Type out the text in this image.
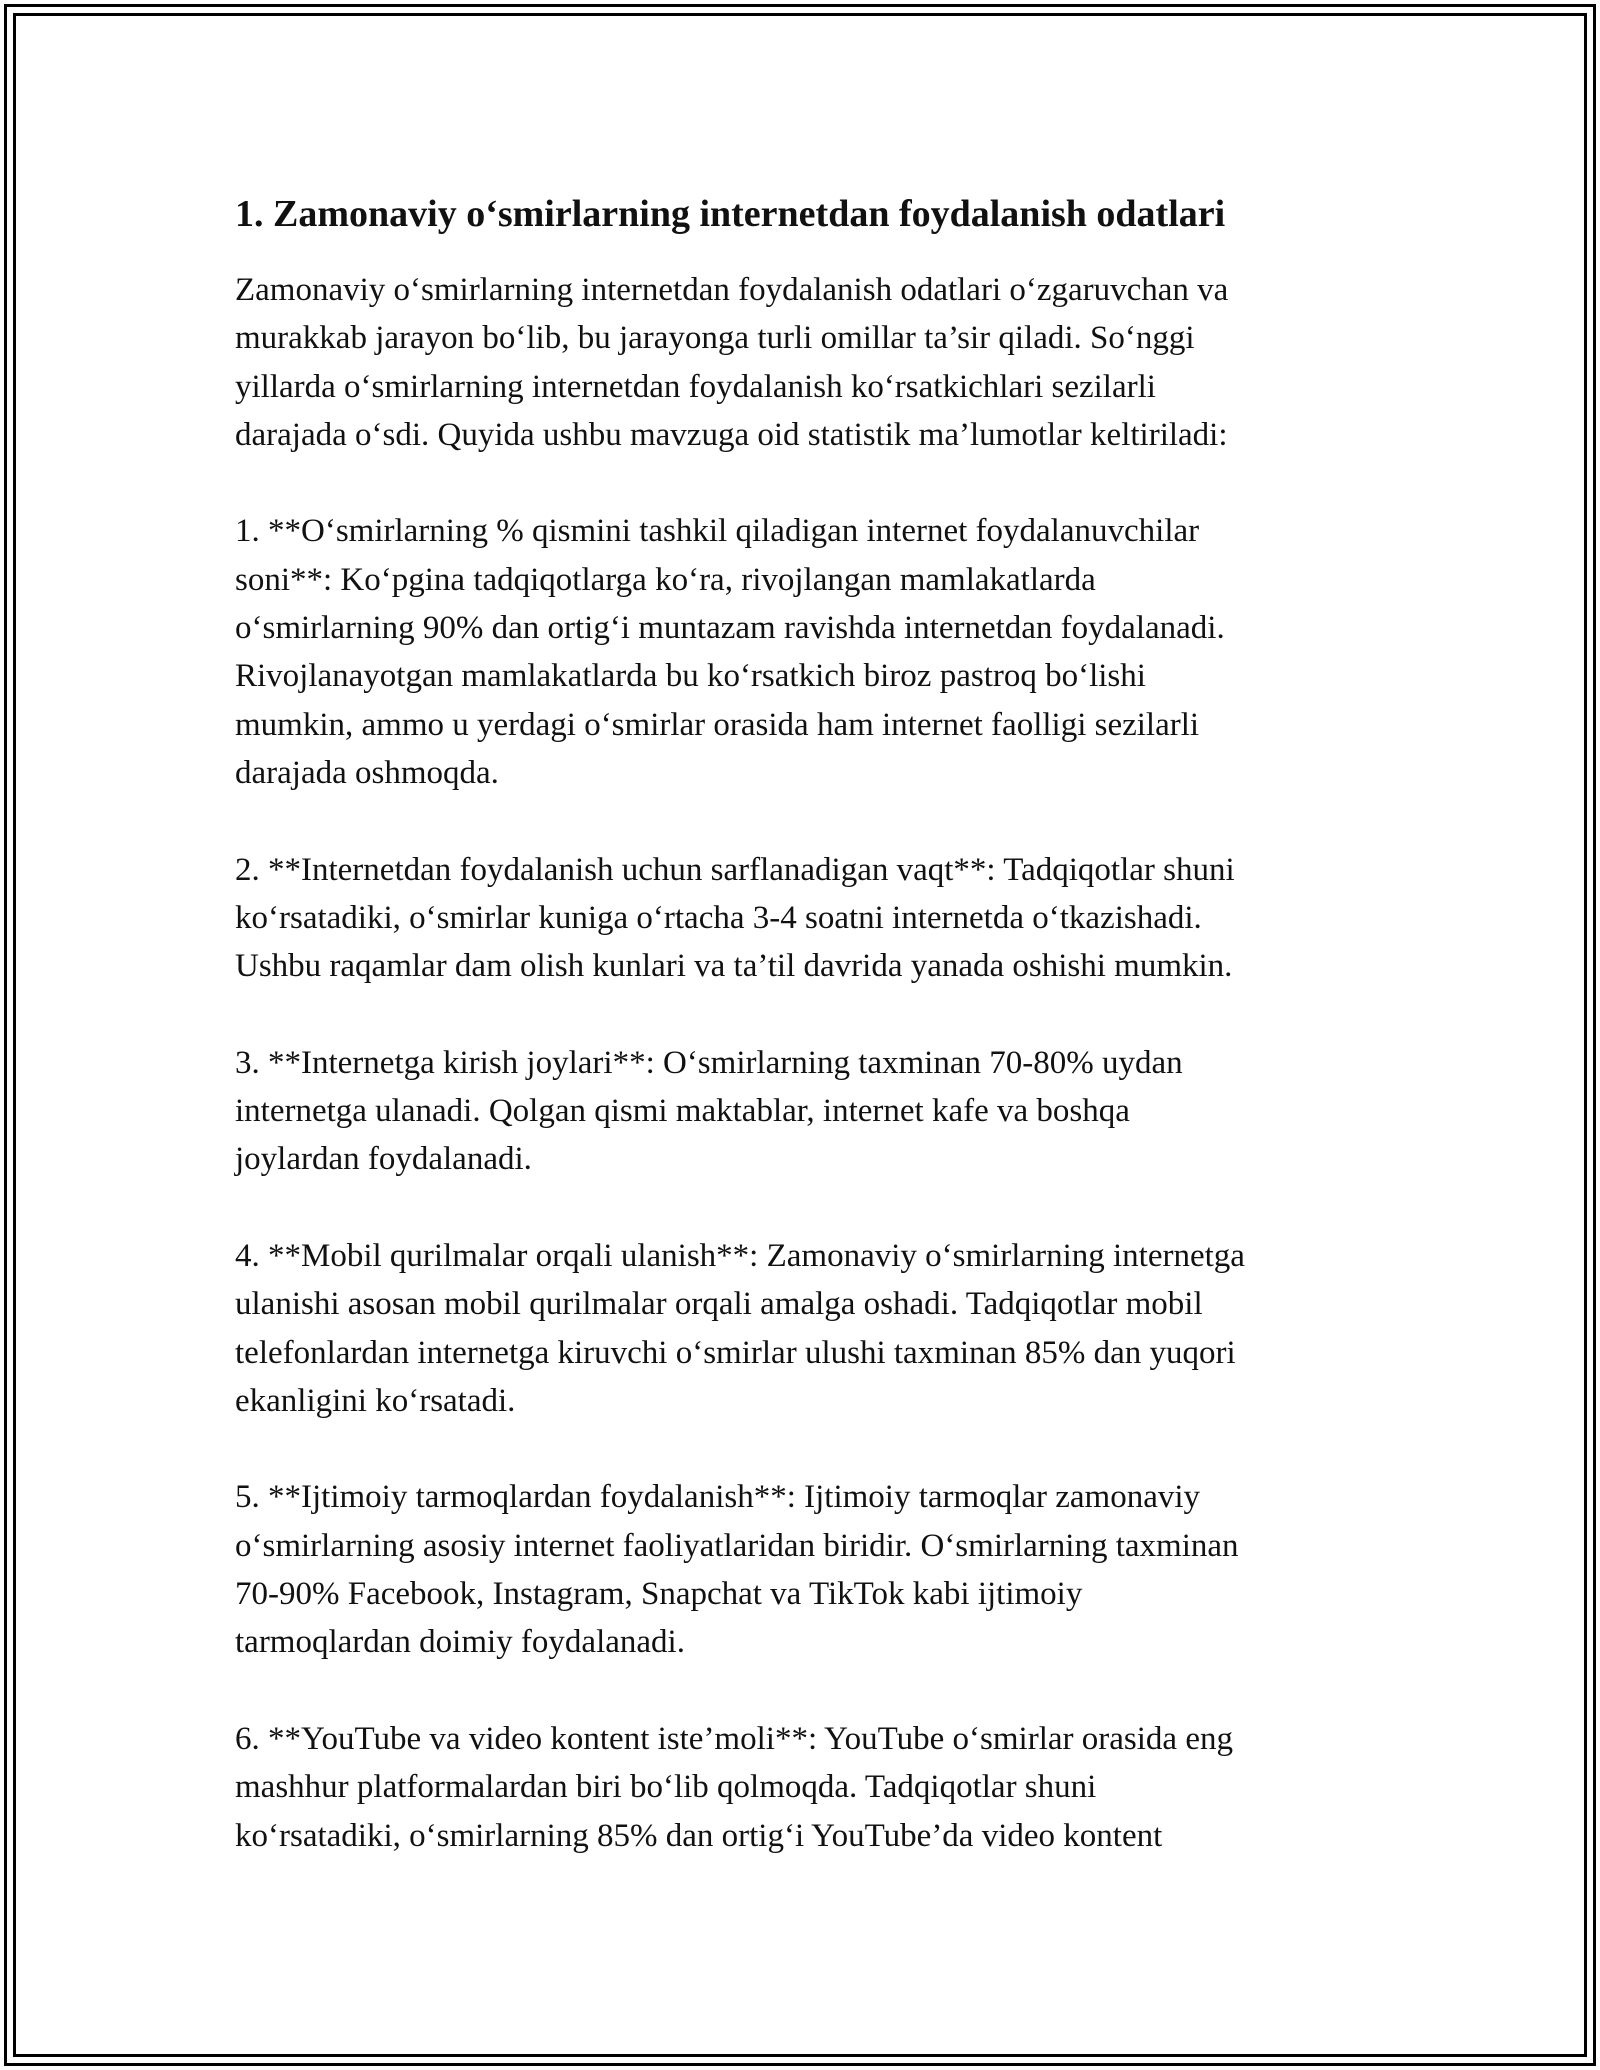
1. Zamonaviy o‘smirlarning internetdan foydalanish odatlari
Zamonaviy o‘smirlarning internetdan foydalanish odatlari o‘zgaruvchan va
murakkab jarayon bo‘lib, bu jarayonga turli omillar ta’sir qiladi. So‘nggi
yillarda o‘smirlarning internetdan foydalanish ko‘rsatkichlari sezilarli
darajada o‘sdi. Quyida ushbu mavzuga oid statistik ma’lumotlar keltiriladi:
1. **O‘smirlarning % qismini tashkil qiladigan internet foydalanuvchilar
soni**: Ko‘pgina tadqiqotlarga ko‘ra, rivojlangan mamlakatlarda
o‘smirlarning 90% dan ortig‘i muntazam ravishda internetdan foydalanadi.
Rivojlanayotgan mamlakatlarda bu ko‘rsatkich biroz pastroq bo‘lishi
mumkin, ammo u yerdagi o‘smirlar orasida ham internet faolligi sezilarli
darajada oshmoqda.
2. **Internetdan foydalanish uchun sarflanadigan vaqt**: Tadqiqotlar shuni
ko‘rsatadiki, o‘smirlar kuniga o‘rtacha 3-4 soatni internetda o‘tkazishadi.
Ushbu raqamlar dam olish kunlari va ta’til davrida yanada oshishi mumkin.
3. **Internetga kirish joylari**: O‘smirlarning taxminan 70-80% uydan
internetga ulanadi. Qolgan qismi maktablar, internet kafe va boshqa
joylardan foydalanadi.
4. **Mobil qurilmalar orqali ulanish**: Zamonaviy o‘smirlarning internetga
ulanishi asosan mobil qurilmalar orqali amalga oshadi. Tadqiqotlar mobil
telefonlardan internetga kiruvchi o‘smirlar ulushi taxminan 85% dan yuqori
ekanligini ko‘rsatadi.
5. **Ijtimoiy tarmoqlardan foydalanish**: Ijtimoiy tarmoqlar zamonaviy
o‘smirlarning asosiy internet faoliyatlaridan biridir. O‘smirlarning taxminan
70-90% Facebook, Instagram, Snapchat va TikTok kabi ijtimoiy
tarmoqlardan doimiy foydalanadi.
6. **YouTube va video kontent iste’moli**: YouTube o‘smirlar orasida eng
mashhur platformalardan biri bo‘lib qolmoqda. Tadqiqotlar shuni
ko‘rsatadiki, o‘smirlarning 85% dan ortig‘i YouTube’da video kontent
